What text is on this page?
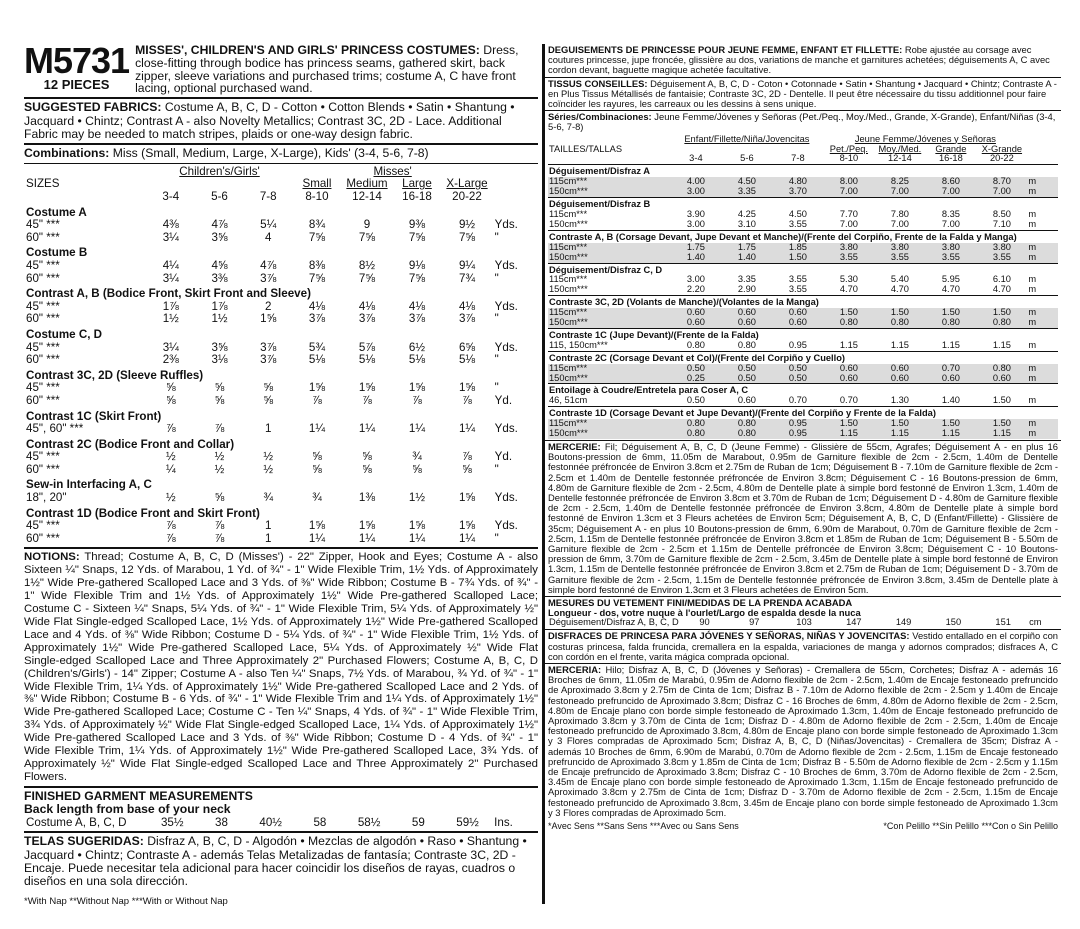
M5731
12 PIECES
MISSES', CHILDREN'S AND GIRLS' PRINCESS COSTUMES: Dress, close-fitting through bodice has princess seams, gathered skirt, back zipper, sleeve variations and purchased trims; costume A, C have front lacing, optional purchased wand.
SUGGESTED FABRICS: Costume A, B, C, D - Cotton • Cotton Blends • Satin • Shantung • Jacquard • Chintz; Contrast A - also Novelty Metallics; Contrast 3C, 2D - Lace. Additional Fabric may be needed to match stripes, plaids or one-way design fabric.
Combinations: Miss (Small, Medium, Large, X-Large), Kids' (3-4, 5-6, 7-8)
	Children's/Girls'			Misses'				
SIZES				Small	Medium	Large	X-Large	
	3-4	5-6	7-8	8-10	12-14	16-18	20-22	
Costume A								
45" ***	4⅜	4⅞	5¼	8¾	9	9⅜	9½	Yds.
60" ***	3¼	3⅝	4	7⅝	7⅝	7⅝	7⅝	"
Costume B								
45" ***	4¼	4⅝	4⅞	8⅜	8½	9⅛	9¼	Yds.
60" ***	3¼	3⅜	3⅞	7⅝	7⅝	7⅝	7¾	"
Contrast A, B (Bodice Front, Skirt Front and Sleeve)								
45" ***	1⅞	1⅞	2	4⅛	4⅛	4⅛	4⅛	Yds.
60" ***	1½	1½	1⅝	3⅞	3⅞	3⅞	3⅞	"
Costume C, D								
45" ***	3¼	3⅝	3⅞	5¾	5⅞	6½	6⅝	Yds.
60" ***	2⅜	3⅛	3⅞	5⅛	5⅛	5⅛	5⅛	"
Contrast 3C, 2D (Sleeve Ruffles)								
45" ***	⅝	⅝	⅝	1⅝	1⅝	1⅝	1⅝	"
60" ***	⅝	⅝	⅝	⅞	⅞	⅞	⅞	Yd.
Contrast 1C (Skirt Front)								
45", 60" ***	⅞	⅞	1	1¼	1¼	1¼	1¼	Yds.
Contrast 2C (Bodice Front and Collar)								
45" ***	½	½	½	⅝	⅝	¾	⅞	Yd.
60" ***	¼	½	½	⅝	⅝	⅝	⅝	"
Sew-in Interfacing A, C								
18", 20"	½	⅝	¾	¾	1⅜	1½	1⅝	Yds.
Contrast 1D (Bodice Front and Skirt Front)								
45" ***	⅞	⅞	1	1⅝	1⅝	1⅝	1⅝	Yds.
60" ***	⅞	⅞	1	1¼	1¼	1¼	1¼	"
NOTIONS: Thread; Costume A, B, C, D (Misses') - 22" Zipper, Hook and Eyes; Costume A - also Sixteen ¼" Snaps, 12 Yds. of Marabou, 1 Yd. of ¾" - 1" Wide Flexible Trim, 1½ Yds. of Approximately 1½" Wide Pre-gathered Scalloped Lace and 3 Yds. of ⅜" Wide Ribbon; Costume B - 7¾ Yds. of ¾" - 1" Wide Flexible Trim and 1½ Yds. of Approximately 1½" Wide Pre-gathered Scalloped Lace; Costume C - Sixteen ¼" Snaps, 5¼ Yds. of ¾" - 1" Wide Flexible Trim, 5¼ Yds. of Approximately ½" Wide Flat Single-edged Scalloped Lace, 1½ Yds. of Approximately 1½" Wide Pre-gathered Scalloped Lace and 4 Yds. of ⅜" Wide Ribbon; Costume D - 5¼ Yds. of ¾" - 1" Wide Flexible Trim, 1½ Yds. of Approximately 1½" Wide Pre-gathered Scalloped Lace, 5¼ Yds. of Approximately ½" Wide Flat Single-edged Scalloped Lace and Three Approximately 2" Purchased Flowers; Costume A, B, C, D (Children's/Girls') - 14" Zipper; Costume A - also Ten ¼" Snaps, 7½ Yds. of Marabou, ¾ Yd. of ¾" - 1" Wide Flexible Trim, 1¼ Yds. of Approximately 1½" Wide Pre-gathered Scalloped Lace and 2 Yds. of ⅜" Wide Ribbon; Costume B - 6 Yds. of ¾" - 1" Wide Flexible Trim and 1¼ Yds. of Approximately 1½" Wide Pre-gathered Scalloped Lace; Costume C - Ten ¼" Snaps, 4 Yds. of ¾" - 1" Wide Flexible Trim, 3¾ Yds. of Approximately ½" Wide Flat Single-edged Scalloped Lace, 1¼ Yds. of Approximately 1½" Wide Pre-gathered Scalloped Lace and 3 Yds. of ⅜" Wide Ribbon; Costume D - 4 Yds. of ¾" - 1" Wide Flexible Trim, 1¼ Yds. of Approximately 1½" Wide Pre-gathered Scalloped Lace, 3¾ Yds. of Approximately ½" Wide Flat Single-edged Scalloped Lace and Three Approximately 2" Purchased Flowers.
FINISHED GARMENT MEASUREMENTS
Back length from base of your neck
Costume A, B, C, D	35½	38	40½	58	58½	59	59½	Ins.
TELAS SUGERIDAS: Disfraz A, B, C, D - Algodón • Mezclas de algodón • Raso • Shantung • Jacquard • Chintz; Contraste A - además Telas Metalizadas de fantasía; Contraste 3C, 2D - Encaje. Puede necesitar tela adicional para hacer coincidir los diseños de rayas, cuadros o diseños en una sola dirección.
*With Nap **Without Nap ***With or Without Nap
DEGUISEMENTS DE PRINCESSE POUR JEUNE FEMME, ENFANT ET FILLETTE: Robe ajustée au corsage avec coutures princesse, jupe froncée, glissière au dos, variations de manche et garnitures achetées; déguisements A, C avec cordon devant, baguette magique achetée facultative.
TISSUS CONSEILLES: Déguisement A, B, C, D - Coton • Cotonnade • Satin • Shantung • Jacquard • Chintz; Contraste A - en Plus Tissus Métallisés de fantaisie; Contraste 3C, 2D - Dentelle. Il peut être nécessaire du tissu additionnel pour faire coïncider les rayures, les carreaux ou les dessins à sens unique.
Séries/Combinaciones: Jeune Femme/Jóvenes y Señoras (Pet./Peq., Moy./Med., Grande, X-Grande), Enfant/Niñas (3-4, 5-6, 7-8)
	Enfant/Fillette/Niña/Jovencitas			Jeune Femme/Jóvenes y Señoras				
TAILLES/TALLAS				Pet./Peq.	Moy./Med.	Grande	X-Grande	
	3-4	5-6	7-8	8-10	12-14	16-18	20-22	
Déguisement/Disfraz A								
115cm***	4.00	4.50	4.80	8.00	8.25	8.60	8.70	m
150cm***	3.00	3.35	3.70	7.00	7.00	7.00	7.00	m
Déguisement/Disfraz B								
115cm***	3.90	4.25	4.50	7.70	7.80	8.35	8.50	m
150cm***	3.00	3.10	3.55	7.00	7.00	7.00	7.10	m
Contraste A, B (Corsage Devant, Jupe Devant et Manche)/(Frente del Corpiño, Frente de la Falda y Manga)								
115cm***	1.75	1.75	1.85	3.80	3.80	3.80	3.80	m
150cm***	1.40	1.40	1.50	3.55	3.55	3.55	3.55	m
Déguisement/Disfraz C, D								
115cm***	3.00	3.35	3.55	5.30	5.40	5.95	6.10	m
150cm***	2.20	2.90	3.55	4.70	4.70	4.70	4.70	m
Contraste 3C, 2D (Volants de Manche)/(Volantes de la Manga)								
115cm***	0.60	0.60	0.60	1.50	1.50	1.50	1.50	m
150cm***	0.60	0.60	0.60	0.80	0.80	0.80	0.80	m
Contraste 1C (Jupe Devant)/(Frente de la Falda)								
115, 150cm***	0.80	0.80	0.95	1.15	1.15	1.15	1.15	m
Contraste 2C (Corsage Devant et Col)/(Frente del Corpiño y Cuello)								
115cm***	0.50	0.50	0.50	0.60	0.60	0.70	0.80	m
150cm***	0.25	0.50	0.50	0.60	0.60	0.60	0.60	m
Entoilage à Coudre/Entretela para Coser A, C								
46, 51cm	0.50	0.60	0.70	0.70	1.30	1.40	1.50	m
Contraste 1D (Corsage Devant et Jupe Devant)/(Frente del Corpiño y Frente de la Falda)								
115cm***	0.80	0.80	0.95	1.50	1.50	1.50	1.50	m
150cm***	0.80	0.80	0.95	1.15	1.15	1.15	1.15	m
MERCERIE: Fil; Déguisement A, B, C, D (Jeune Femme) - Glissière de 55cm, Agrafes; Déguisement A - en plus 16 Boutons-pression de 6mm, 11.05m de Marabout, 0.95m de Garniture flexible de 2cm - 2.5cm, 1.40m de Dentelle festonnée préfroncée de Environ 3.8cm et 2.75m de Ruban de 1cm; Déguisement B - 7.10m de Garniture flexible de 2cm - 2.5cm et 1.40m de Dentelle festonnée préfroncée de Environ 3.8cm; Déguisement C - 16 Boutons-pression de 6mm, 4.80m de Garniture flexible de 2cm - 2.5cm, 4.80m de Dentelle plate à simple bord festonné de Environ 1.3cm, 1.40m de Dentelle festonnée préfroncée de Environ 3.8cm et 3.70m de Ruban de 1cm; Déguisement D - 4.80m de Garniture flexible de 2cm - 2.5cm, 1.40m de Dentelle festonnée préfroncée de Environ 3.8cm, 4.80m de Dentelle plate à simple bord festonné de Environ 1.3cm et 3 Fleurs achetées de Environ 5cm; Déguisement A, B, C, D (Enfant/Fillette) - Glissière de 35cm; Déguisement A - en plus 10 Boutons-pression de 6mm, 6.90m de Marabout, 0.70m de Garniture flexible de 2cm - 2.5cm, 1.15m de Dentelle festonnée préfroncée de Environ 3.8cm et 1.85m de Ruban de 1cm; Déguisement B - 5.50m de Garniture flexible de 2cm - 2.5cm et 1.15m de Dentelle préfroncée de Environ 3.8cm; Déguisement C - 10 Boutons-pression de 6mm, 3.70m de Garniture flexible de 2cm - 2.5cm, 3.45m de Dentelle plate à simple bord festonné de Environ 1.3cm, 1.15m de Dentelle festonnée préfroncée de Environ 3.8cm et 2.75m de Ruban de 1cm; Déguisement D - 3.70m de Garniture flexible de 2cm - 2.5cm, 1.15m de Dentelle festonnée préfroncée de Environ 3.8cm, 3.45m de Dentelle plate à simple bord festonné de Environ 1.3cm et 3 Fleurs achetées de Environ 5cm.
MESURES DU VETEMENT FINI/MEDIDAS DE LA PRENDA ACABADA
Longueur - dos, votre nuque à l'ourlet/Largo de espalda desde la nuca
Déguisement/Disfraz A, B, C, D	90	97	103	147	149	150	151	cm
DISFRACES DE PRINCESA PARA JÓVENES Y SEÑORAS, NIÑAS Y JOVENCITAS: Vestido entallado en el corpiño con costuras princesa, falda fruncida, cremallera en la espalda, variaciones de manga y adornos comprados; disfraces A, C con cordón en el frente, varita mágica comprada opcional.
MERCERIA: Hilo; Disfraz A, B, C, D (Jóvenes y Señoras) - Cremallera de 55cm, Corchetes; Disfraz A - además 16 Broches de 6mm, 11.05m de Marabú, 0.95m de Adorno flexible de 2cm - 2.5cm, 1.40m de Encaje festoneado prefruncido de Aproximado 3.8cm y 2.75m de Cinta de 1cm; Disfraz B - 7.10m de Adorno flexible de 2cm - 2.5cm y 1.40m de Encaje festoneado prefruncido de Aproximado 3.8cm; Disfraz C - 16 Broches de 6mm, 4.80m de Adorno flexible de 2cm - 2.5cm, 4.80m de Encaje plano con borde simple festoneado de Aproximado 1.3cm, 1.40m de Encaje festoneado prefruncido de Aproximado 3.8cm y 3.70m de Cinta de 1cm; Disfraz D - 4.80m de Adorno flexible de 2cm - 2.5cm, 1.40m de Encaje festoneado prefruncido de Aproximado 3.8cm, 4.80m de Encaje plano con borde simple festoneado de Aproximado 1.3cm y 3 Flores compradas de Aproximado 5cm; Disfraz A, B, C, D (Niñas/Jovencitas) - Cremallera de 35cm; Disfraz A - además 10 Broches de 6mm, 6.90m de Marabú, 0.70m de Adorno flexible de 2cm - 2.5cm, 1.15m de Encaje festoneado prefruncido de Aproximado 3.8cm y 1.85m de Cinta de 1cm; Disfraz B - 5.50m de Adorno flexible de 2cm - 2.5cm y 1.15m de Encaje prefruncido de Aproximado 3.8cm; Disfraz C - 10 Broches de 6mm, 3.70m de Adorno flexible de 2cm - 2.5cm, 3.45m de Encaje plano con borde simple festoneado de Aproximado 1.3cm, 1.15m de Encaje festoneado prefruncido de Aproximado 3.8cm y 2.75m de Cinta de 1cm; Disfraz D - 3.70m de Adorno flexible de 2cm - 2.5cm, 1.15m de Encaje festoneado prefruncido de Aproximado 3.8cm, 3.45m de Encaje plano con borde simple festoneado de Aproximado 1.3cm y 3 Flores compradas de Aproximado 5cm.
*Avec Sens **Sans Sens ***Avec ou Sans Sens	*Con Pelillo **Sin Pelillo ***Con o Sin Pelillo
